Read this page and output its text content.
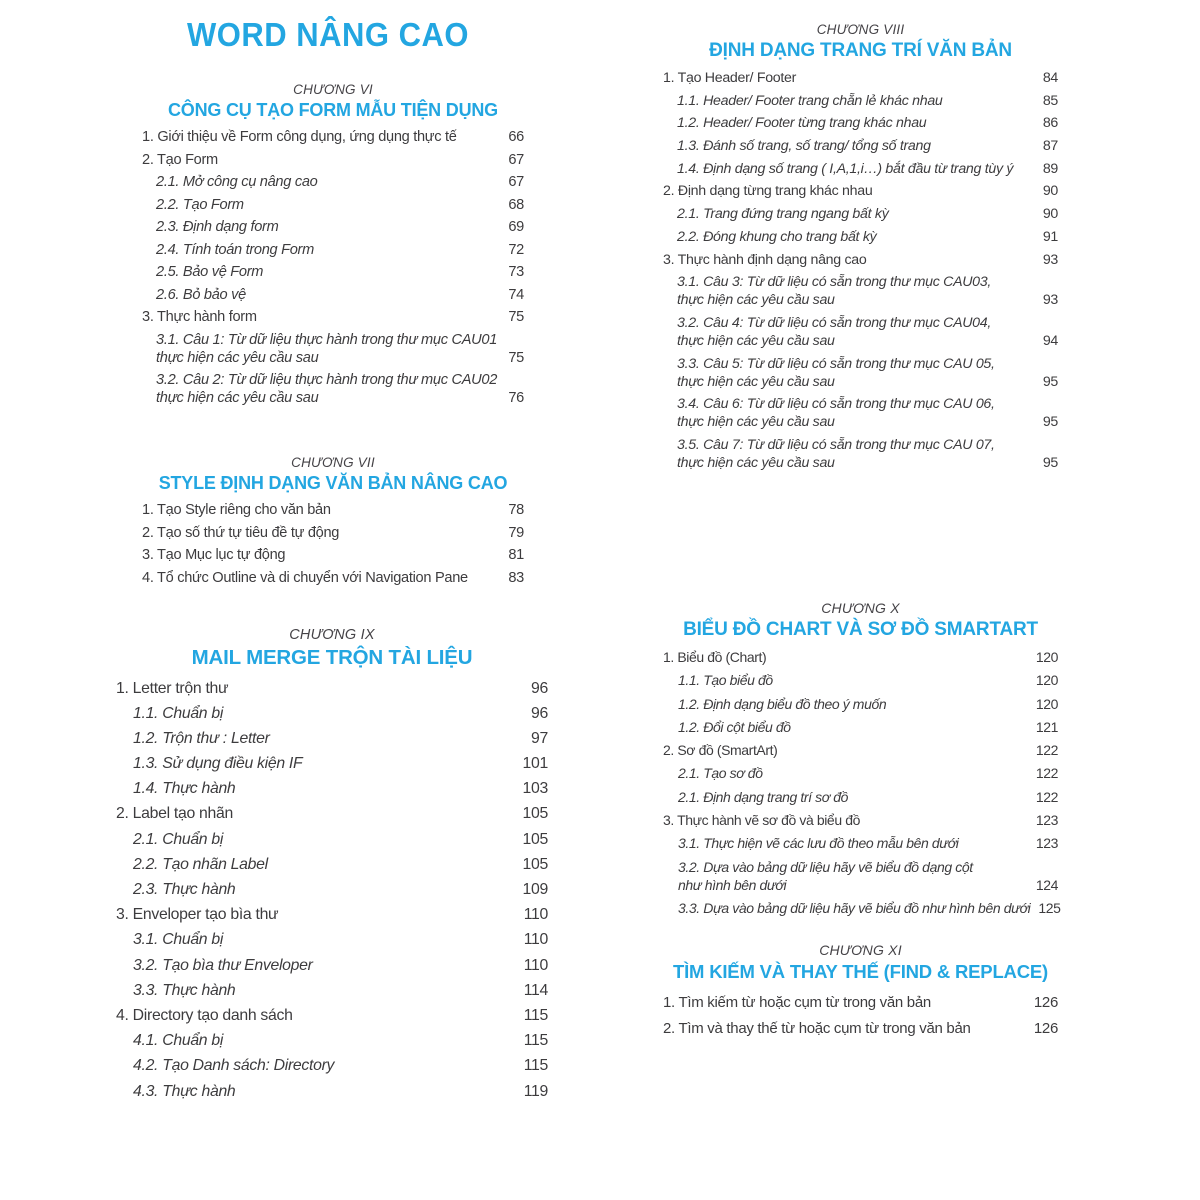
WORD NÂNG CAO
CHƯƠNG VI
CÔNG CỤ TẠO FORM MẪU TIỆN DỤNG
1. Giới thiệu về Form công dụng, ứng dụng thực tế	66
2. Tạo Form	67
2.1. Mở công cụ nâng cao	67
2.2. Tạo Form	68
2.3. Định dạng form	69
2.4. Tính toán trong Form	72
2.5. Bảo vệ Form	73
2.6. Bỏ bảo vệ	74
3. Thực hành form	75
3.1. Câu 1: Từ dữ liệu thực hành trong thư mục CAU01
thực hiện các yêu cầu sau	75
3.2. Câu 2: Từ dữ liệu thực hành trong thư mục CAU02
thực hiện các yêu cầu sau	76
CHƯƠNG VII
STYLE ĐỊNH DẠNG VĂN BẢN NÂNG CAO
1. Tạo Style riêng cho văn bản	78
2. Tạo số thứ tự tiêu đề tự động	79
3. Tạo Mục lục tự động	81
4. Tổ chức Outline và di chuyển với Navigation Pane	83
CHƯƠNG IX
MAIL MERGE TRỘN TÀI LIỆU
1. Letter trộn thư	96
1.1. Chuẩn bị	96
1.2. Trộn thư : Letter	97
1.3. Sử dụng điều kiện IF	101
1.4. Thực hành	103
2. Label tạo nhãn	105
2.1. Chuẩn bị	105
2.2. Tạo nhãn Label	105
2.3. Thực hành	109
3. Enveloper tạo bìa thư	110
3.1. Chuẩn bị	110
3.2. Tạo bìa thư Enveloper	110
3.3. Thực hành	114
4. Directory tạo danh sách	115
4.1. Chuẩn bị	115
4.2. Tạo Danh sách: Directory	115
4.3. Thực hành	119
CHƯƠNG VIII
ĐỊNH DẠNG TRANG TRÍ VĂN BẢN
1. Tạo Header/ Footer	84
1.1. Header/ Footer trang chẵn lẻ khác nhau	85
1.2. Header/ Footer từng trang khác nhau	86
1.3. Đánh số trang, số trang/ tổng số trang	87
1.4. Định dạng số trang ( I,A,1,i…) bắt đầu từ trang tùy ý 89
2. Định dạng từng trang khác nhau	90
2.1. Trang đứng trang ngang bất kỳ	90
2.2. Đóng khung cho trang bất kỳ	91
3. Thực hành định dạng nâng cao	93
3.1. Câu 3: Từ dữ liệu có sẵn trong thư mục CAU03,
thực hiện các yêu cầu sau	93
3.2. Câu 4: Từ dữ liệu có sẵn trong thư mục CAU04,
thực hiện các yêu cầu sau	94
3.3. Câu 5: Từ dữ liệu có sẵn trong thư mục CAU 05,
thực hiện các yêu cầu sau	95
3.4. Câu 6: Từ dữ liệu có sẵn trong thư mục CAU 06,
thực hiện các yêu cầu sau	95
3.5. Câu 7: Từ dữ liệu có sẵn trong thư mục CAU 07,
thực hiện các yêu cầu sau	95
CHƯƠNG X
BIỂU ĐỒ CHART VÀ SƠ ĐỒ SMARTART
1. Biểu đồ (Chart)	120
1.1. Tạo biểu đồ	120
1.2. Định dạng biểu đồ theo ý muốn	120
1.2. Đổi cột biểu đồ	121
2. Sơ đồ (SmartArt)	122
2.1. Tạo sơ đồ	122
2.1. Định dạng trang trí sơ đồ	122
3. Thực hành vẽ sơ đồ và biểu đồ	123
3.1. Thực hiện vẽ các lưu đồ theo mẫu bên dưới	123
3.2. Dựa vào bảng dữ liệu hãy vẽ biểu đồ dạng cột
như hình bên dưới	124
3.3. Dựa vào bảng dữ liệu hãy vẽ biểu đồ như hình bên dưới 125
CHƯƠNG XI
TÌM KIẾM VÀ THAY THẾ (FIND & REPLACE)
1. Tìm kiếm từ hoặc cụm từ trong văn bản	126
2. Tìm và thay thế từ hoặc cụm từ trong văn bản	126
